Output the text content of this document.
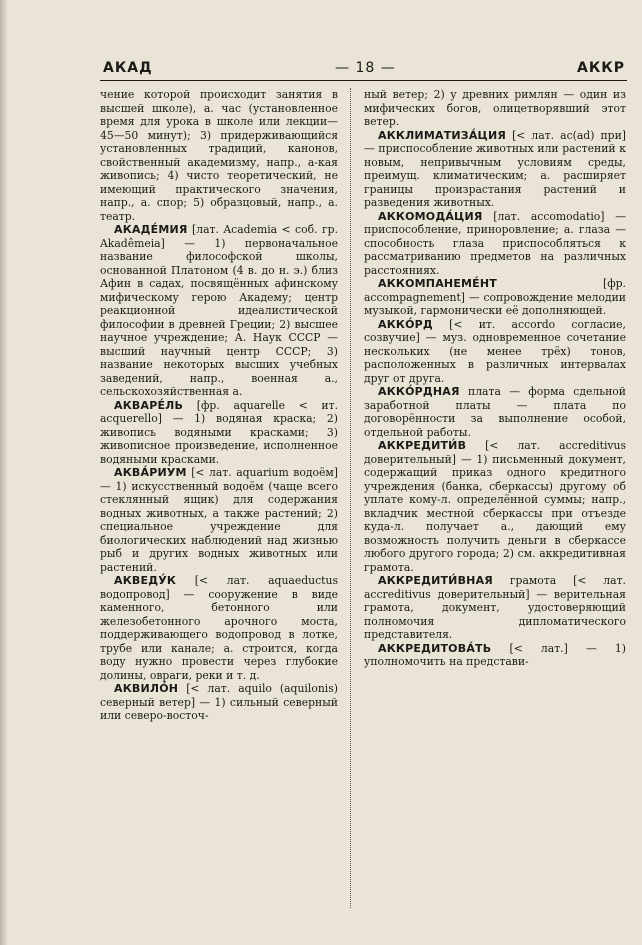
АКАД	— 18 —	АККР

чение которой происходит занятия в высшей школе), а. час (установленное время для урока в школе или лекции—45—50 минут); 3) придерживающийся установленных традиций, канонов, свойственный академизму, напр., а-кая живопись; 4) чисто теоретический, не имеющий практического значения, напр., а. спор; 5) образцовый, напр., а. театр.

АКАДЕ́МИЯ [лат. Academia < соб. гр. Akadêmeia] — 1) первоначальное название философской школы, основанной Платоном (4 в. до н. э.) близ Афин в садах, посвящённых афинскому мифическому герою Академу; центр реакционной идеалистической философии в древней Греции; 2) высшее научное учреждение; А. Наук СССР — высший научный центр СССР; 3) название некоторых высших учебных заведений, напр., военная а., сельскохозяйственная а.

АКВАРЕ́ЛЬ [фр. aquarelle < ит. acquerello] — 1) водяная краска; 2) живопись водяными красками; 3) живописное произведение, исполненное водяными красками.

АКВА́РИУМ [< лат. aquarium водоём] — 1) искусственный водоём (чаще всего стеклянный ящик) для содержания водных животных, а также растений; 2) специальное учреждение для биологических наблюдений над жизнью рыб и других водных животных или растений.

АКВЕДУ́К [< лат. aquaeductus водопровод] — сооружение в виде каменного, бетонного или железобетонного арочного моста, поддерживающего водопровод в лотке, трубе или канале; а. строится, когда воду нужно провести через глубокие долины, овраги, реки и т. д.

АКВИЛО́Н [< лат. aquilo (aquilonis) северный ветер] — 1) сильный северный или северо-восточ-

ный ветер; 2) у древних римлян — один из мифических богов, олицетворявший этот ветер.

АККЛИМАТИЗА́ЦИЯ [< лат. ac(ad) при] — приспособление животных или растений к новым, непривычным условиям среды, преимущ. климатическим; а. расширяет границы произрастания растений и разведения животных.

АККОМОДА́ЦИЯ [лат. accomodatio] — приспособление, приноровление; а. глаза — способность глаза приспособляться к рассматриванию предметов на различных расстояниях.

АККОМПАНЕМЕ́НТ [фр. accompagnement] — сопровождение мелодии музыкой, гармонически её дополняющей.

АККО́РД [< ит. accordo согласие, созвучие] — муз. одновременное сочетание нескольких (не менее трёх) тонов, расположенных в различных интервалах друг от друга.

АККО́РДНАЯ плата — форма сдельной заработной платы — плата по договорённости за выполнение особой, отдельной работы.

АККРЕДИТИ́В [< лат. accreditivus доверительный] — 1) письменный документ, содержащий приказ одного кредитного учреждения (банка, сберкассы) другому об уплате кому-л. определённой суммы; напр., вкладчик местной сберкассы при отъезде куда-л. получает а., дающий ему возможность получить деньги в сберкассе любого другого города; 2) см. аккредитивная грамота.

АККРЕДИТИ́ВНАЯ грамота [< лат. accreditivus доверительный] — верительная грамота, документ, удостоверяющий полномочия дипломатического представителя.

АККРЕДИТОВА́ТЬ [< лат.] — 1) уполномочить на представи-
